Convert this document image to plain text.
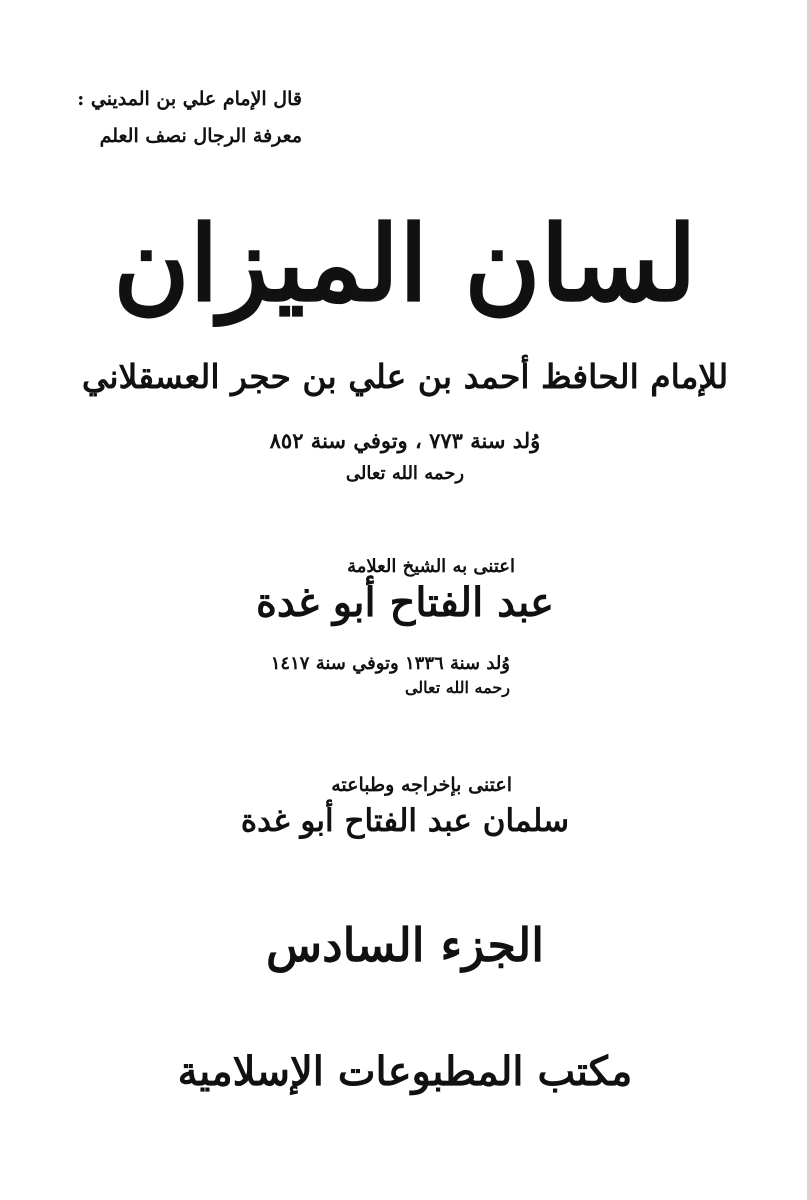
قال الإمام علي بن المديني :
معرفة الرجال نصف العلم
لسان الميزان
للإمام الحافظ أحمد بن علي بن حجر العسقلاني
وُلد سنة ٧٧٣ ، وتوفي سنة ٨٥٢
رحمه الله تعالى
اعتنى به الشيخ العلامة
عبد الفتاح أبو غدة
وُلد سنة ١٣٣٦ وتوفي سنة ١٤١٧
رحمه الله تعالى
اعتنى بإخراجه وطباعته
سلمان عبد الفتاح أبو غدة
الجزء السادس
مكتب المطبوعات الإسلامية
